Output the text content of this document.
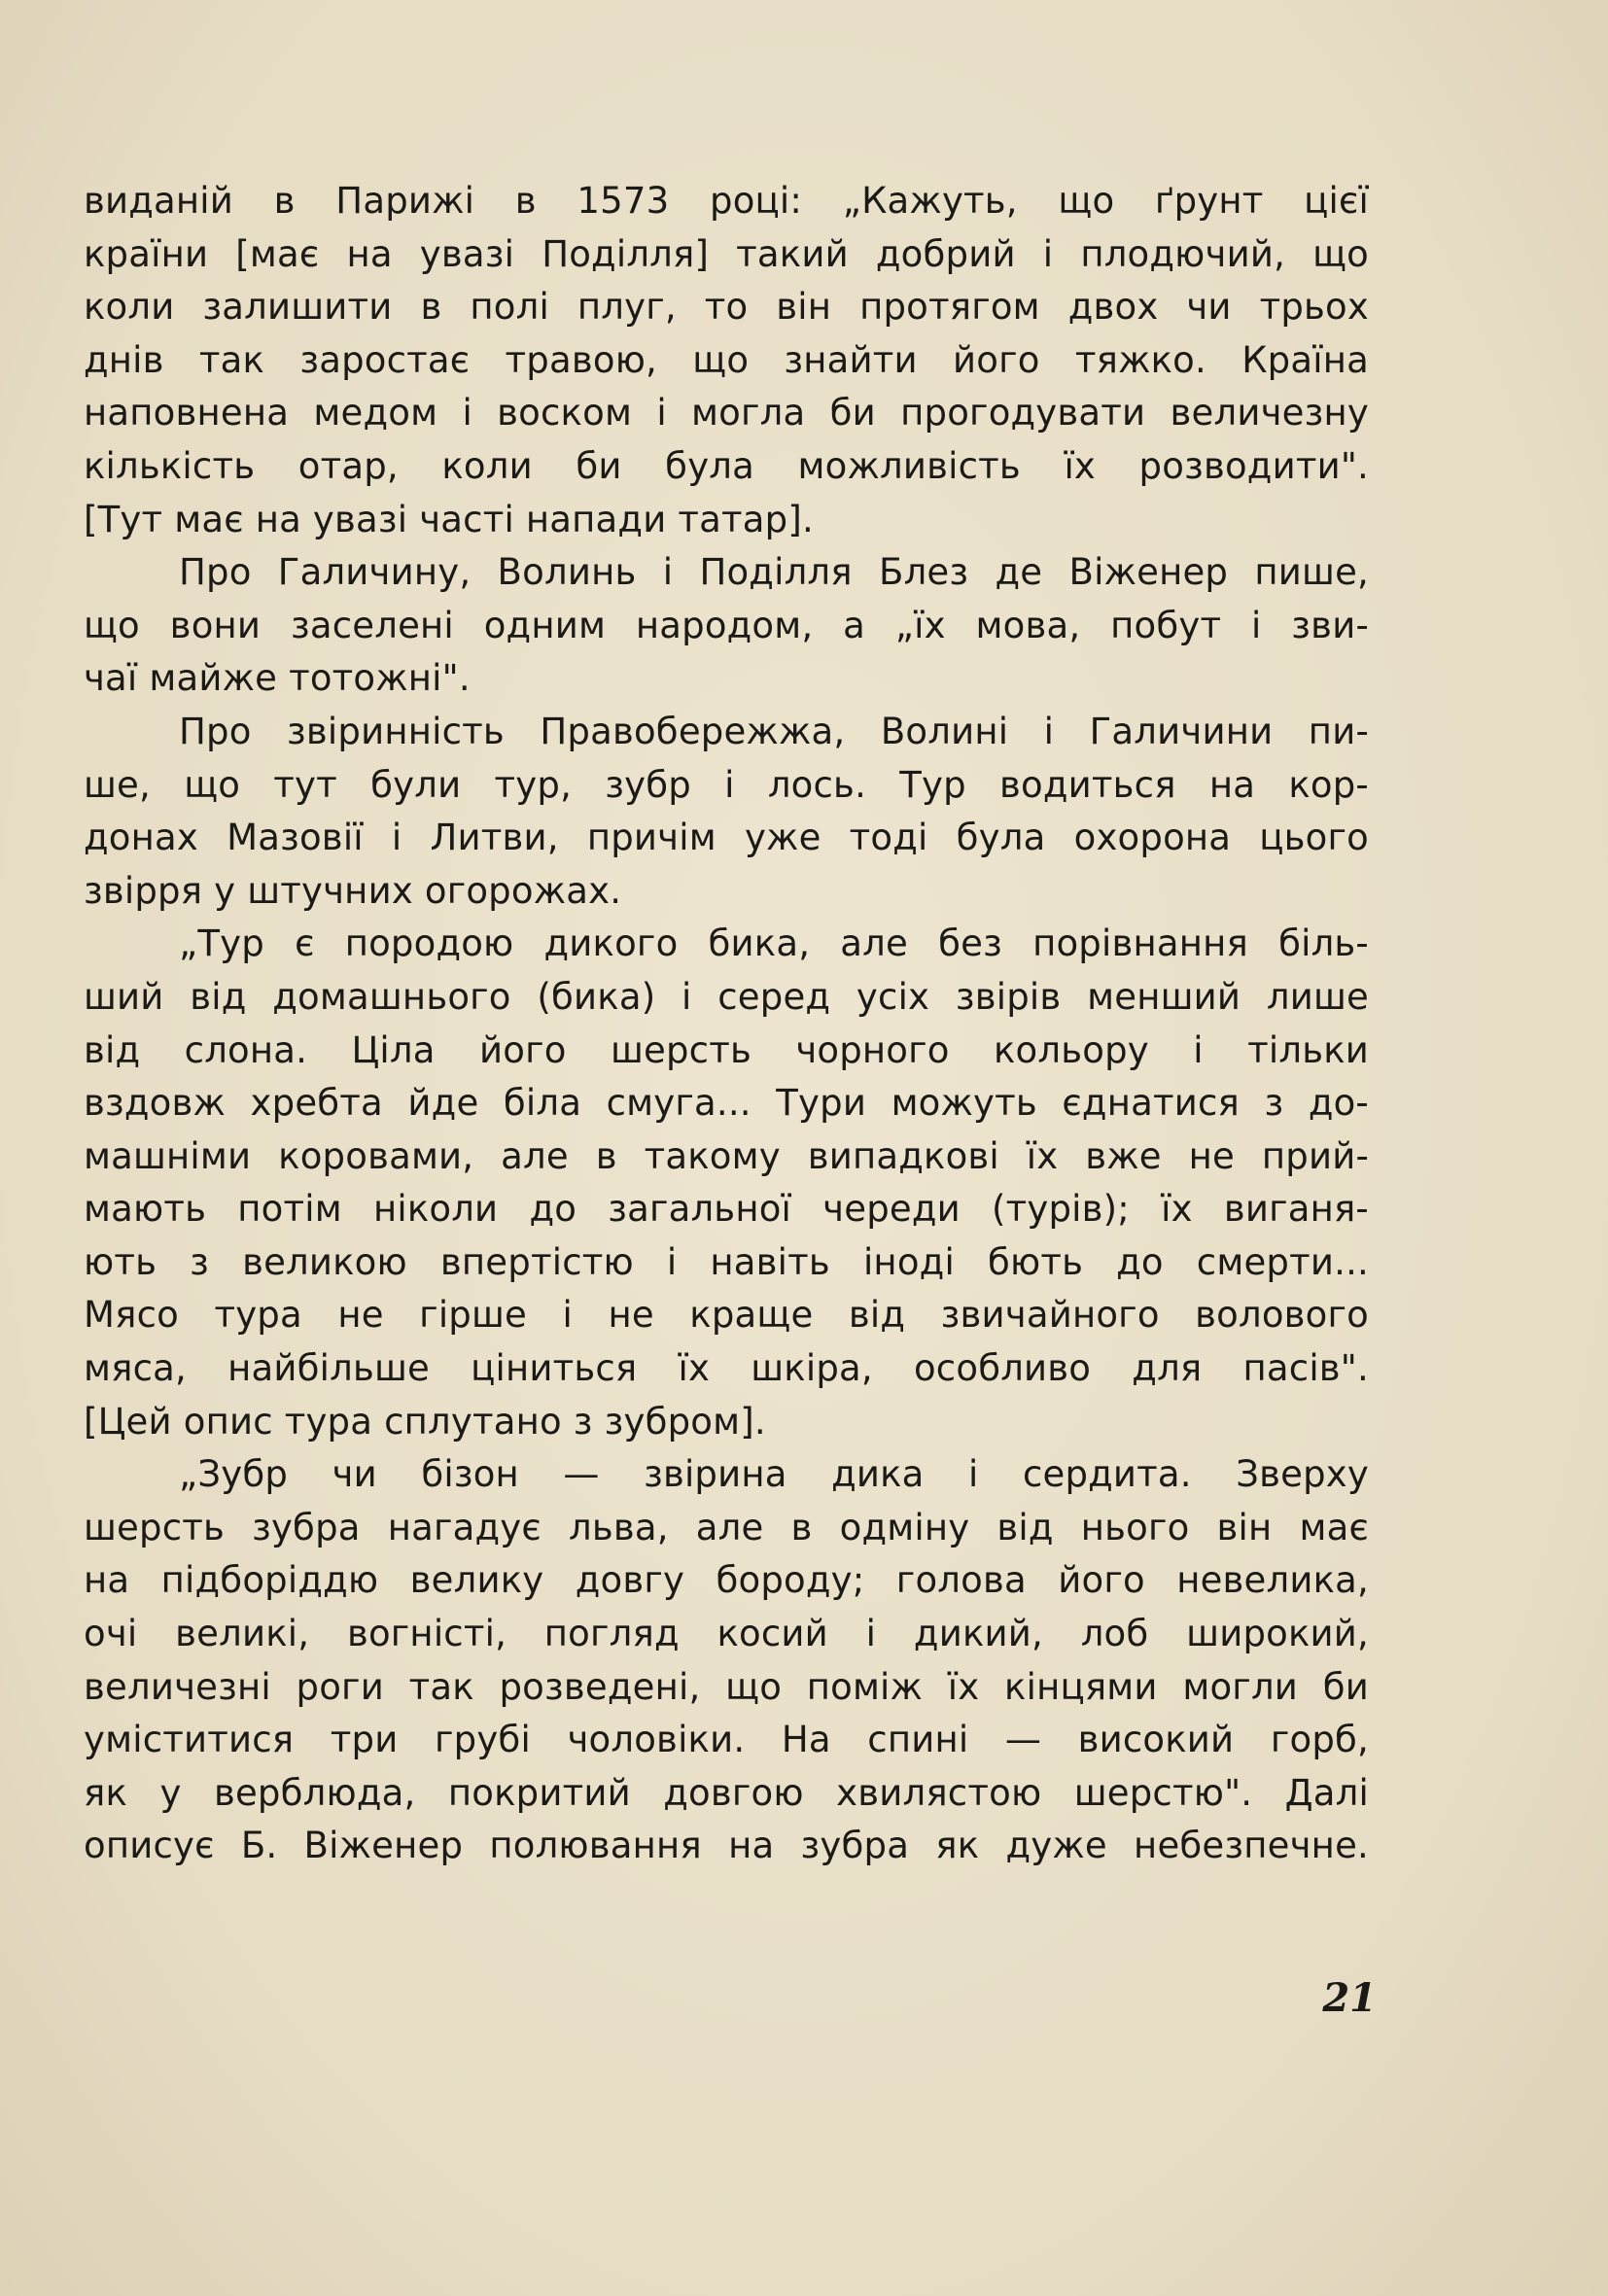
виданій в Парижі в 1573 році: „Кажуть, що ґрунт цієї
країни [має на увазі Поділля] такий добрий і плодючий, що
коли залишити в полі плуг, то він протягом двох чи трьох
днів так заростає травою, що знайти його тяжко. Країна
наповнена медом і воском і могла би прогодувати величезну
кількість отар, коли би була можливість їх розводити".
[Тут має на увазі часті напади татар].
Про Галичину, Волинь і Поділля Блез де Віженер пише,
що вони заселені одним народом, а „їх мова, побут і зви-
чаї майже тотожні".
Про звіринність Правобережжа, Волині і Галичини пи-
ше, що тут були тур, зубр і лось. Тур водиться на кор-
донах Мазовії і Литви, причім уже тоді була охорона цього
звірря у штучних огорожах.
„Тур є породою дикого бика, але без порівнання біль-
ший від домашнього (бика) і серед усіх звірів менший лише
від слона. Ціла його шерсть чорного кольору і тільки
вздовж хребта йде біла смуга... Тури можуть єднатися з до-
машніми коровами, але в такому випадкові їх вже не прий-
мають потім ніколи до загальної череди (турів); їх виганя-
ють з великою впертістю і навіть іноді бють до смерти...
Мясо тура не гірше і не краще від звичайного волового
мяса, найбільше ціниться їх шкіра, особливо для пасів".
[Цей опис тура сплутано з зубром].
„Зубр чи бізон — звірина дика і сердита. Зверху
шерсть зубра нагадує льва, але в одміну від нього він має
на підборіддю велику довгу бороду; голова його невелика,
очі великі, вогністі, погляд косий і дикий, лоб широкий,
величезні роги так розведені, що поміж їх кінцями могли би
уміститися три грубі чоловіки. На спині — високий горб,
як у верблюда, покритий довгою хвилястою шерстю". Далі
описує Б. Віженер полювання на зубра як дуже небезпечне.
21
